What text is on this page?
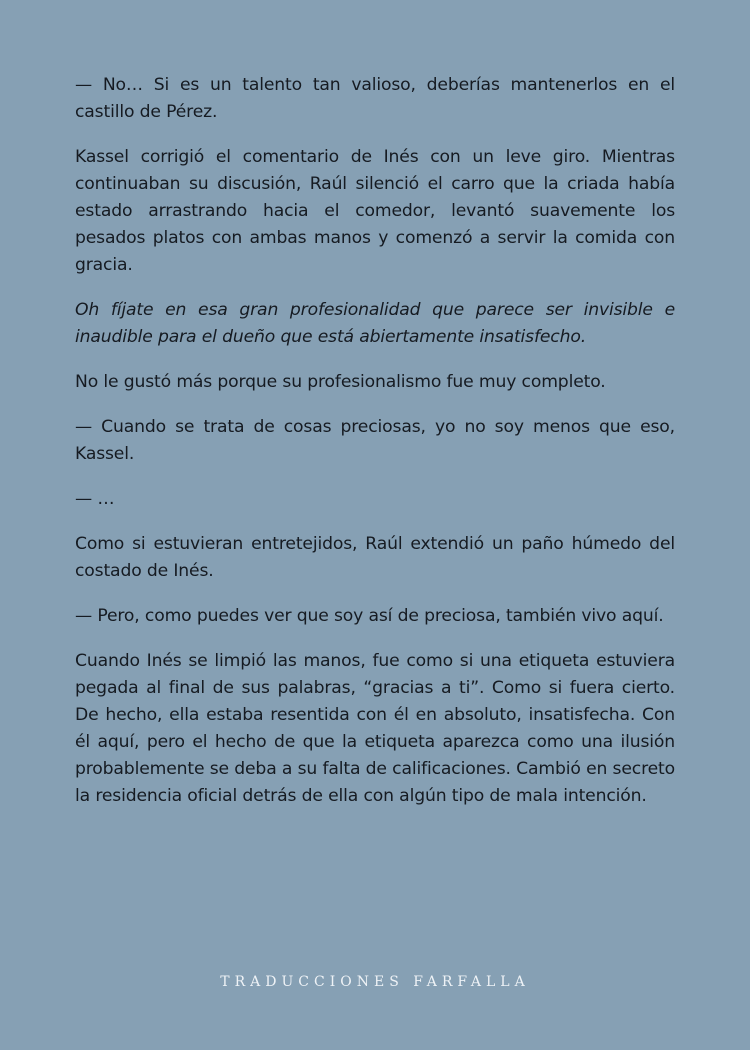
— No… Si es un talento tan valioso, deberías mantenerlos en el castillo de Pérez.

Kassel corrigió el comentario de Inés con un leve giro. Mientras continuaban su discusión, Raúl silenció el carro que la criada había estado arrastrando hacia el comedor, levantó suavemente los pesados platos con ambas manos y comenzó a servir la comida con gracia.

Oh fíjate en esa gran profesionalidad que parece ser invisible e inaudible para el dueño que está abiertamente insatisfecho.

No le gustó más porque su profesionalismo fue muy completo.

— Cuando se trata de cosas preciosas, yo no soy menos que eso, Kassel.

— …

Como si estuvieran entretejidos, Raúl extendió un paño húmedo del costado de Inés.

— Pero, como puedes ver que soy así de preciosa, también vivo aquí.

Cuando Inés se limpió las manos, fue como si una etiqueta estuviera pegada al final de sus palabras, “gracias a ti”. Como si fuera cierto. De hecho, ella estaba resentida con él en absoluto, insatisfecha. Con él aquí, pero el hecho de que la etiqueta aparezca como una ilusión probablemente se deba a su falta de calificaciones. Cambió en secreto la residencia oficial detrás de ella con algún tipo de mala intención.

TRADUCCIONES FARFALLA
